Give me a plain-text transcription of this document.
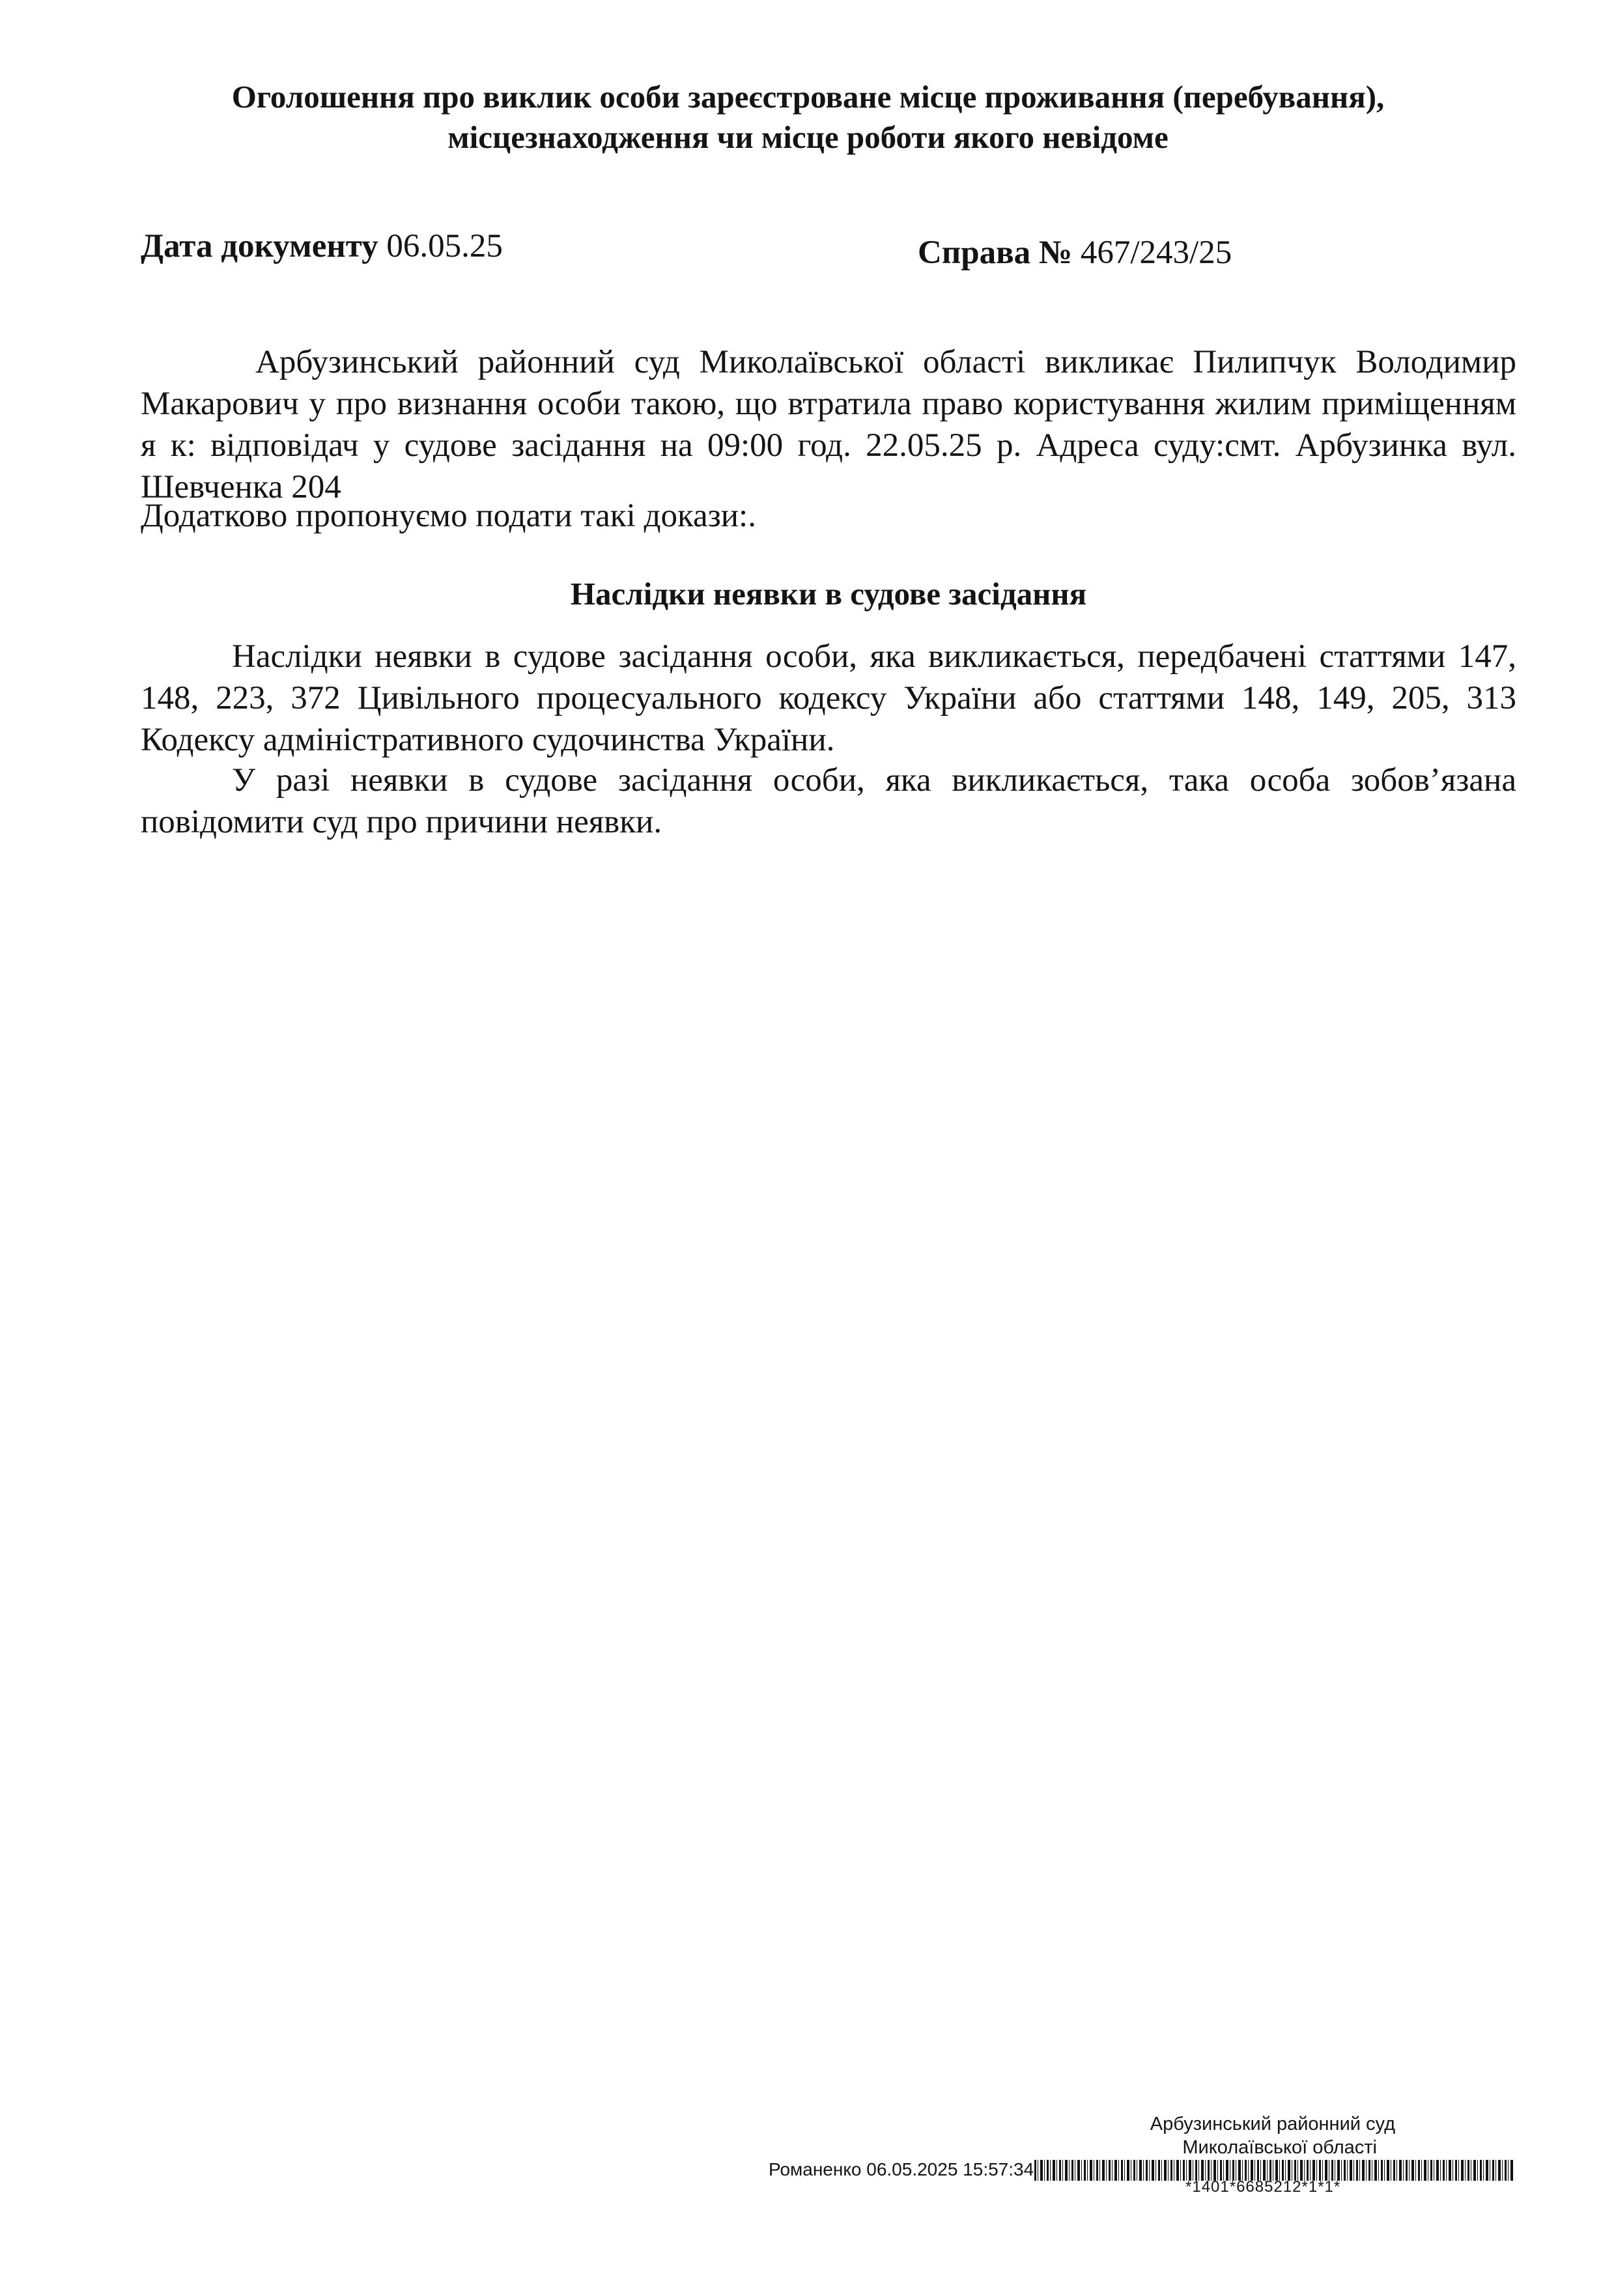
Оголошення про виклик особи зареєстроване місце проживання (перебування),
місцезнаходження чи місце роботи якого невідоме
Дата документу 06.05.25	Справа № 467/243/25
Арбузинський районний суд Миколаївської області викликає Пилипчук Володимир Макарович у про визнання особи такою, що втратила право користування жилим приміщенням я к: відповідач у судове засідання на 09:00 год. 22.05.25 р. Адреса суду:смт. Арбузинка вул. Шевченка 204
Додатково пропонуємо подати такі докази:.
Наслідки неявки в судове засідання
Наслідки неявки в судове засідання особи, яка викликається, передбачені статтями 147, 148, 223, 372 Цивільного процесуального кодексу України або статтями 148, 149, 205, 313 Кодексу адміністративного судочинства України.
У разі неявки в судове засідання особи, яка викликається, така особа зобов’язана повідомити суд про причини неявки.
Арбузинський районний суд
Миколаївської області
Романенко 06.05.2025 15:57:34
*1401*6685212*1*1*
